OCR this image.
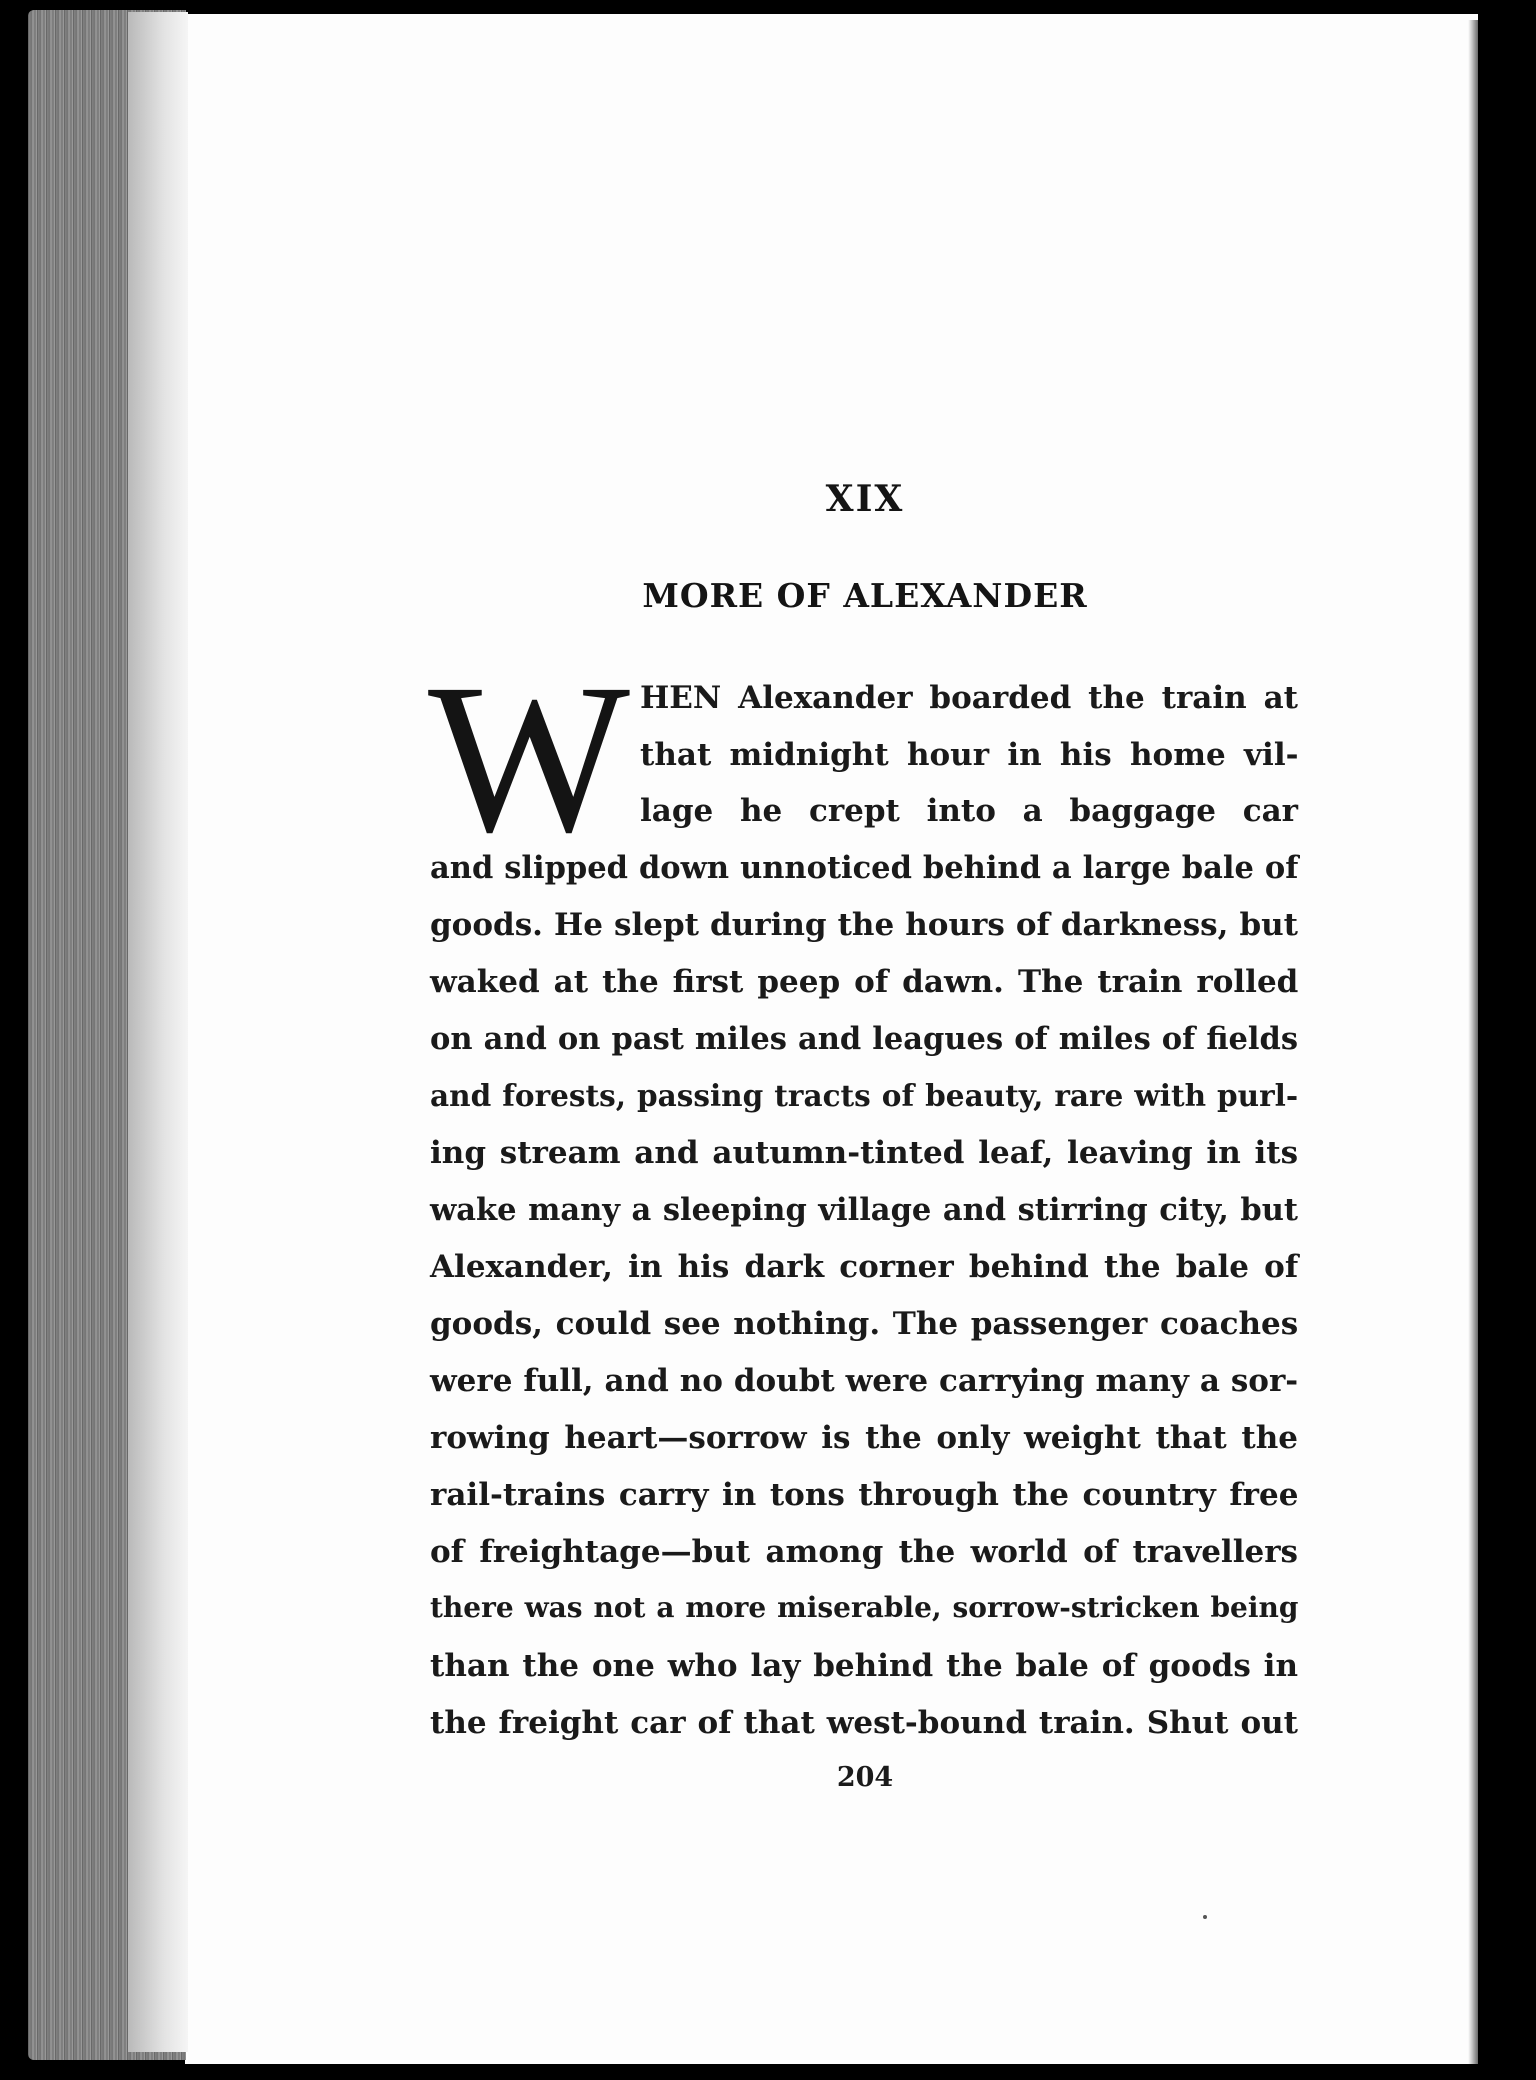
XIX
MORE OF ALEXANDER
W HEN Alexander boarded the train at
that midnight hour in his home vil-
lage he crept into a baggage car
and slipped down unnoticed behind a large bale of
goods. He slept during the hours of darkness, but
waked at the first peep of dawn. The train rolled
on and on past miles and leagues of miles of fields
and forests, passing tracts of beauty, rare with purl-
ing stream and autumn-tinted leaf, leaving in its
wake many a sleeping village and stirring city, but
Alexander, in his dark corner behind the bale of
goods, could see nothing. The passenger coaches
were full, and no doubt were carrying many a sor-
rowing heart—sorrow is the only weight that the
rail-trains carry in tons through the country free
of freightage—but among the world of travellers
there was not a more miserable, sorrow-stricken being
than the one who lay behind the bale of goods in
the freight car of that west-bound train. Shut out
204
